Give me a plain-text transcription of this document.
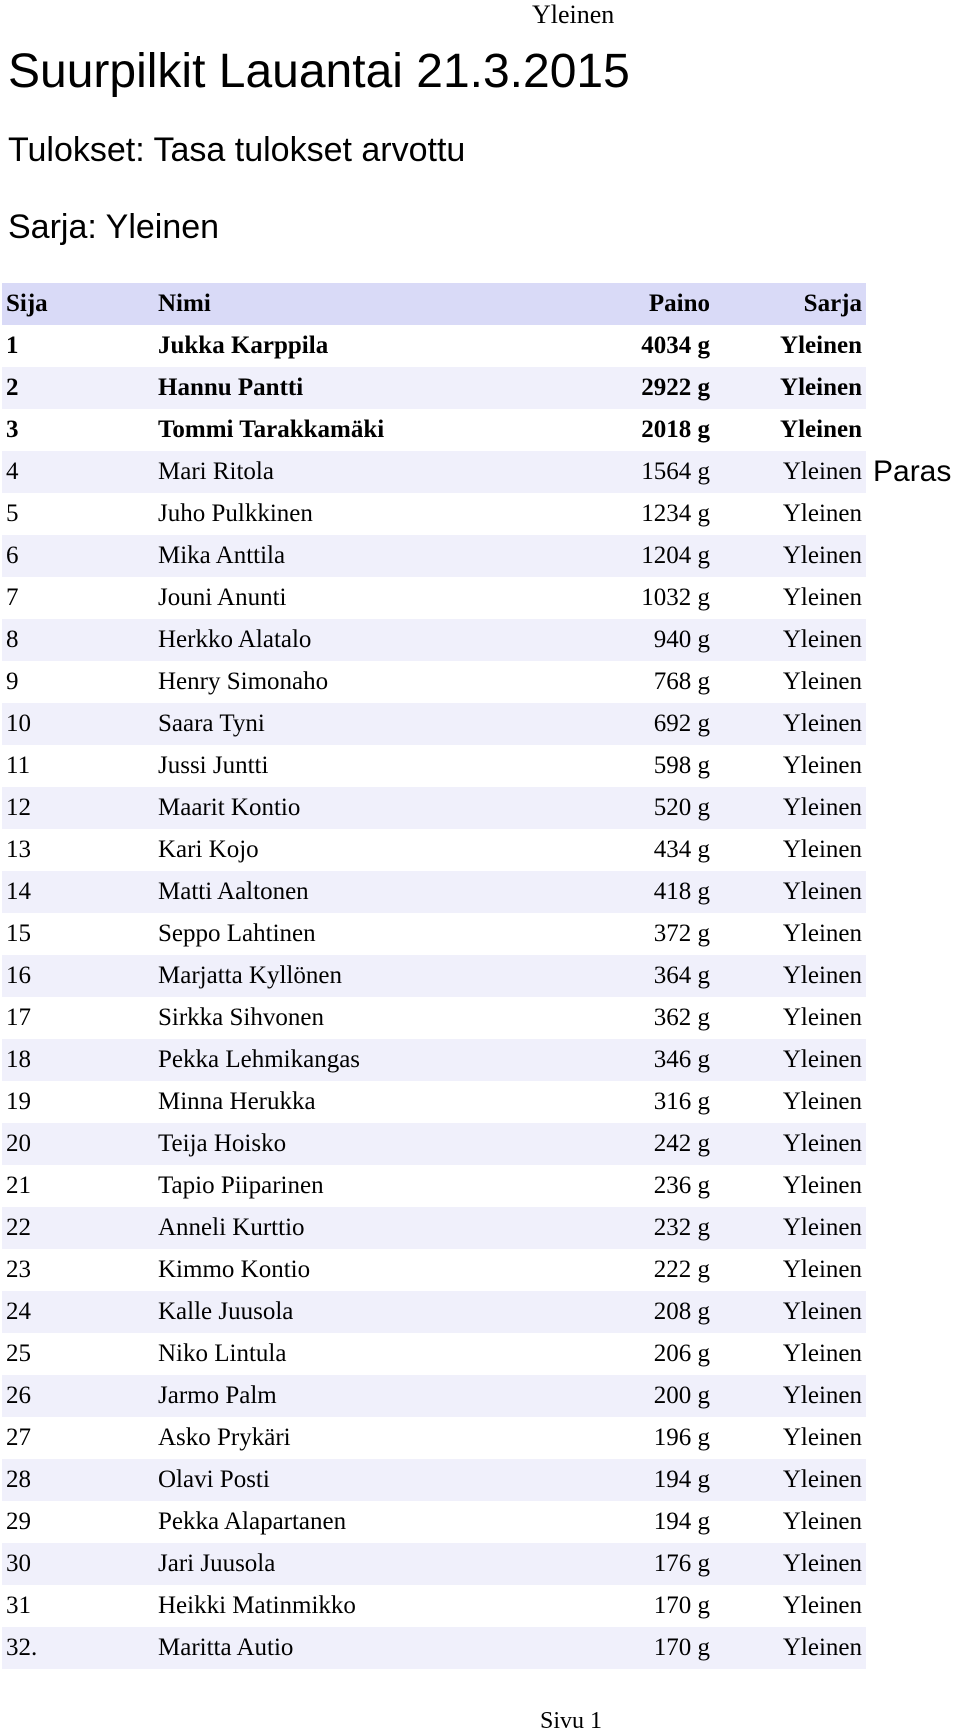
Yleinen
Suurpilkit Lauantai 21.3.2015
Tulokset: Tasa tulokset arvottu
Sarja: Yleinen
Sija	Nimi	Paino	Sarja
1	Jukka Karppila	4034 g	Yleinen
2	Hannu Pantti	2922 g	Yleinen
3	Tommi Tarakkamäki	2018 g	Yleinen
4	Mari Ritola	1564 g	Yleinen
5	Juho Pulkkinen	1234 g	Yleinen
6	Mika Anttila	1204 g	Yleinen
7	Jouni Anunti	1032 g	Yleinen
8	Herkko Alatalo	940 g	Yleinen
9	Henry Simonaho	768 g	Yleinen
10	Saara Tyni	692 g	Yleinen
11	Jussi Juntti	598 g	Yleinen
12	Maarit Kontio	520 g	Yleinen
13	Kari Kojo	434 g	Yleinen
14	Matti Aaltonen	418 g	Yleinen
15	Seppo Lahtinen	372 g	Yleinen
16	Marjatta Kyllönen	364 g	Yleinen
17	Sirkka Sihvonen	362 g	Yleinen
18	Pekka Lehmikangas	346 g	Yleinen
19	Minna Herukka	316 g	Yleinen
20	Teija Hoisko	242 g	Yleinen
21	Tapio Piiparinen	236 g	Yleinen
22	Anneli Kurttio	232 g	Yleinen
23	Kimmo Kontio	222 g	Yleinen
24	Kalle Juusola	208 g	Yleinen
25	Niko Lintula	206 g	Yleinen
26	Jarmo Palm	200 g	Yleinen
27	Asko Prykäri	196 g	Yleinen
28	Olavi Posti	194 g	Yleinen
29	Pekka Alapartanen	194 g	Yleinen
30	Jari Juusola	176 g	Yleinen
31	Heikki Matinmikko	170 g	Yleinen
32.	Maritta Autio	170 g	Yleinen
Paras
Sivu 1
